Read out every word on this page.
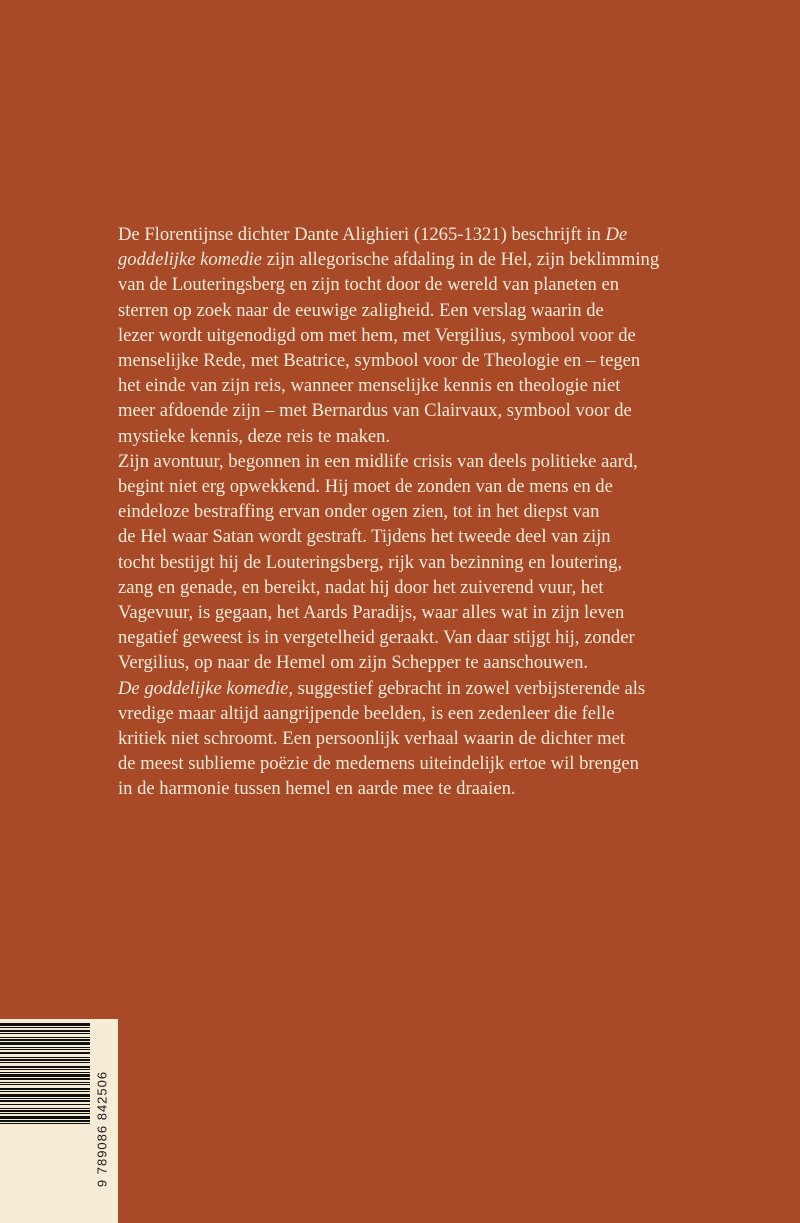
De Florentijnse dichter Dante Alighieri (1265-1321) beschrijft in De
goddelijke komedie zijn allegorische afdaling in de Hel, zijn beklimming
van de Louteringsberg en zijn tocht door de wereld van planeten en
sterren op zoek naar de eeuwige zaligheid. Een verslag waarin de
lezer wordt uitgenodigd om met hem, met Vergilius, symbool voor de
menselijke Rede, met Beatrice, symbool voor de Theologie en – tegen
het einde van zijn reis, wanneer menselijke kennis en theologie niet
meer afdoende zijn – met Bernardus van Clairvaux, symbool voor de
mystieke kennis, deze reis te maken.
Zijn avontuur, begonnen in een midlife crisis van deels politieke aard,
begint niet erg opwekkend. Hij moet de zonden van de mens en de
eindeloze bestraffing ervan onder ogen zien, tot in het diepst van
de Hel waar Satan wordt gestraft. Tijdens het tweede deel van zijn
tocht bestijgt hij de Louteringsberg, rijk van bezinning en loutering,
zang en genade, en bereikt, nadat hij door het zuiverend vuur, het
Vagevuur, is gegaan, het Aards Paradijs, waar alles wat in zijn leven
negatief geweest is in vergetelheid geraakt. Van daar stijgt hij, zonder
Vergilius, op naar de Hemel om zijn Schepper te aanschouwen.
De goddelijke komedie, suggestief gebracht in zowel verbijsterende als
vredige maar altijd aangrijpende beelden, is een zedenleer die felle
kritiek niet schroomt. Een persoonlijk verhaal waarin de dichter met
de meest sublieme poëzie de medemens uiteindelijk ertoe wil brengen
in de harmonie tussen hemel en aarde mee te draaien.
9 789086 842506
